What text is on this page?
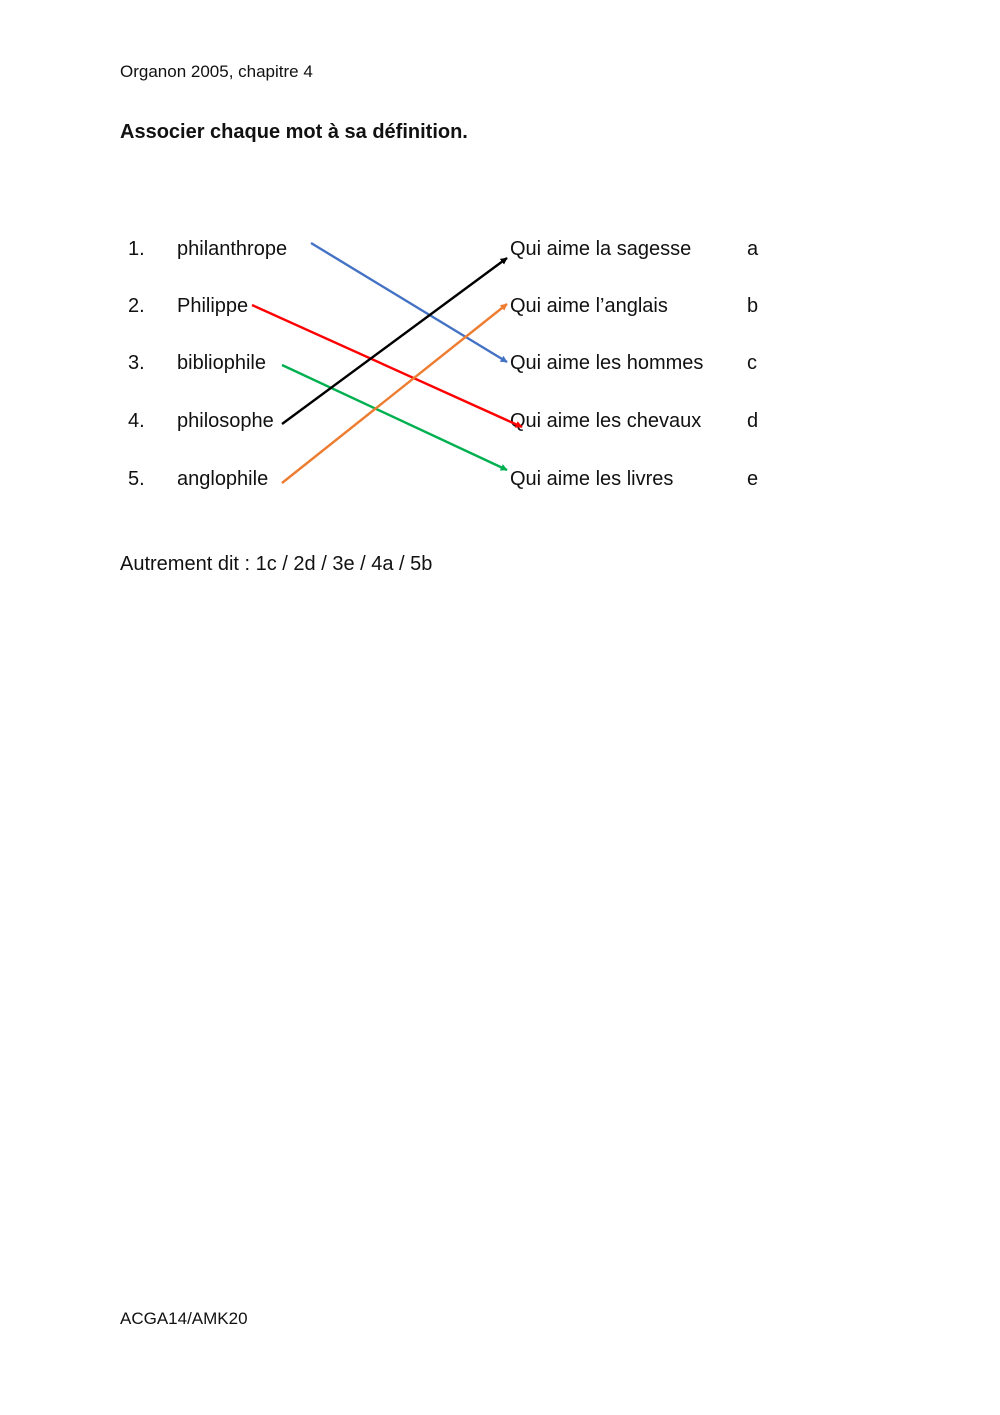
Organon 2005, chapitre 4
Associer chaque mot à sa définition.
1. philanthrope
2. Philippe
3. bibliophile
4. philosophe
5. anglophile
Qui aime la sagesse	a
Qui aime l’anglais	b
Qui aime les hommes c
Qui aime les chevaux d
Qui aime les livres	e
Autrement dit : 1c / 2d / 3e / 4a / 5b
ACGA14/AMK20
